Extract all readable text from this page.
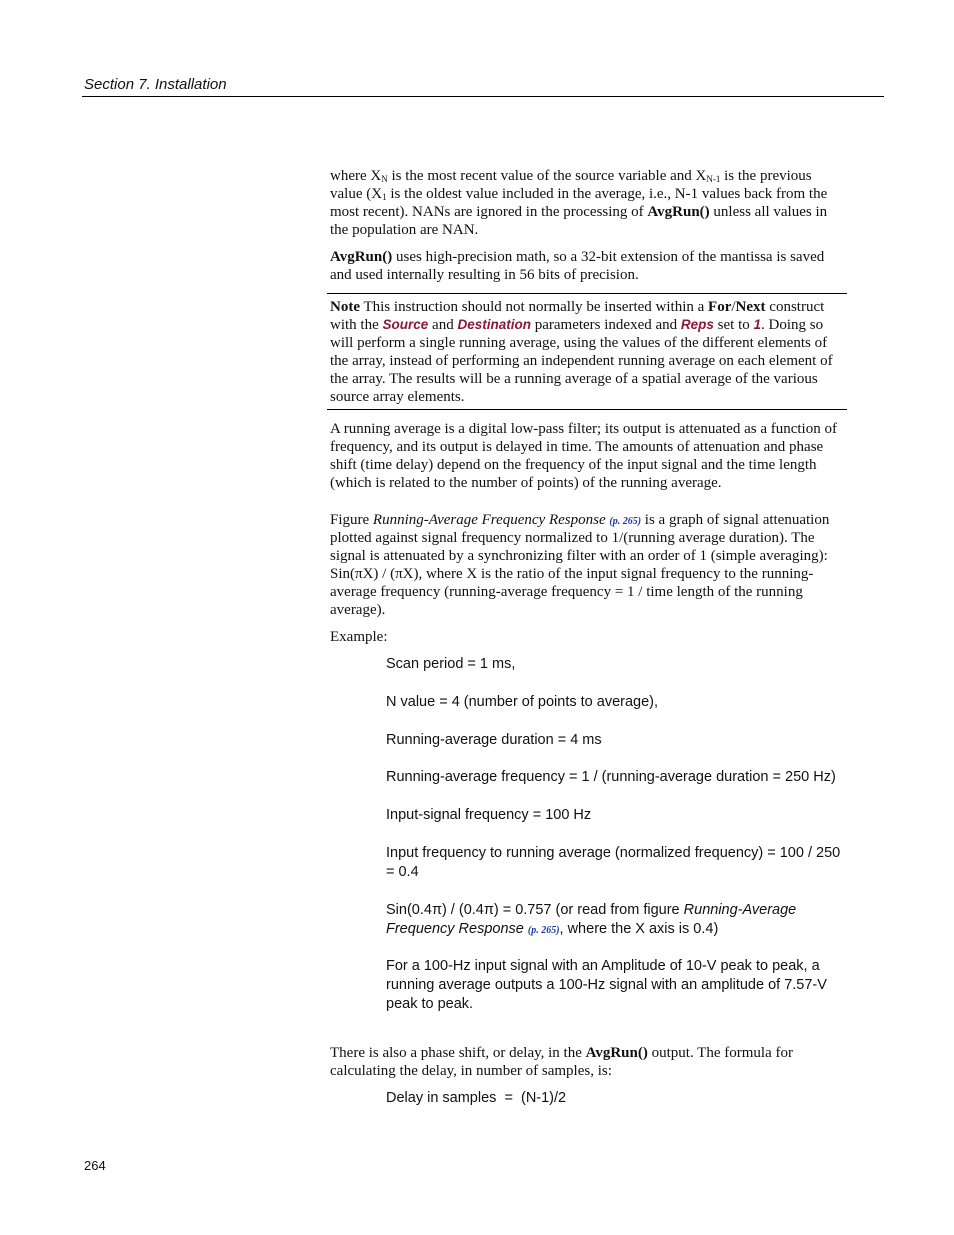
Section 7. Installation

where $X_N$ is the most recent value of the source variable and $X_{N-1}$ is the previous value ($X_1$ is the oldest value included in the average, i.e., N-1 values back from the most recent). NANs are ignored in the processing of AvgRun() unless all values in the population are NAN.

AvgRun() uses high-precision math, so a 32-bit extension of the mantissa is saved and used internally resulting in 56 bits of precision.

Note This instruction should not normally be inserted within a For/Next construct with the Source and Destination parameters indexed and Reps set to 1. Doing so will perform a single running average, using the values of the different elements of the array, instead of performing an independent running average on each element of the array. The results will be a running average of a spatial average of the various source array elements.

A running average is a digital low-pass filter; its output is attenuated as a function of frequency, and its output is delayed in time. The amounts of attenuation and phase shift (time delay) depend on the frequency of the input signal and the time length (which is related to the number of points) of the running average.

Figure Running-Average Frequency Response (p. 265) is a graph of signal attenuation plotted against signal frequency normalized to 1/(running average duration). The signal is attenuated by a synchronizing filter with an order of 1 (simple averaging): Sin(πX) / (πX), where X is the ratio of the input signal frequency to the running-average frequency (running-average frequency = 1 / time length of the running average).

Example:
Scan period = 1 ms,
N value = 4 (number of points to average),
Running-average duration = 4 ms
Running-average frequency = 1 / (running-average duration = 250 Hz)
Input-signal frequency = 100 Hz
Input frequency to running average (normalized frequency) = 100 / 250 = 0.4
Sin(0.4π) / (0.4π) = 0.757 (or read from figure Running-Average Frequency Response (p. 265), where the X axis is 0.4)
For a 100-Hz input signal with an Amplitude of 10-V peak to peak, a running average outputs a 100-Hz signal with an amplitude of 7.57-V peak to peak.

There is also a phase shift, or delay, in the AvgRun() output. The formula for calculating the delay, in number of samples, is:

Delay in samples  =  (N-1)/2
264
